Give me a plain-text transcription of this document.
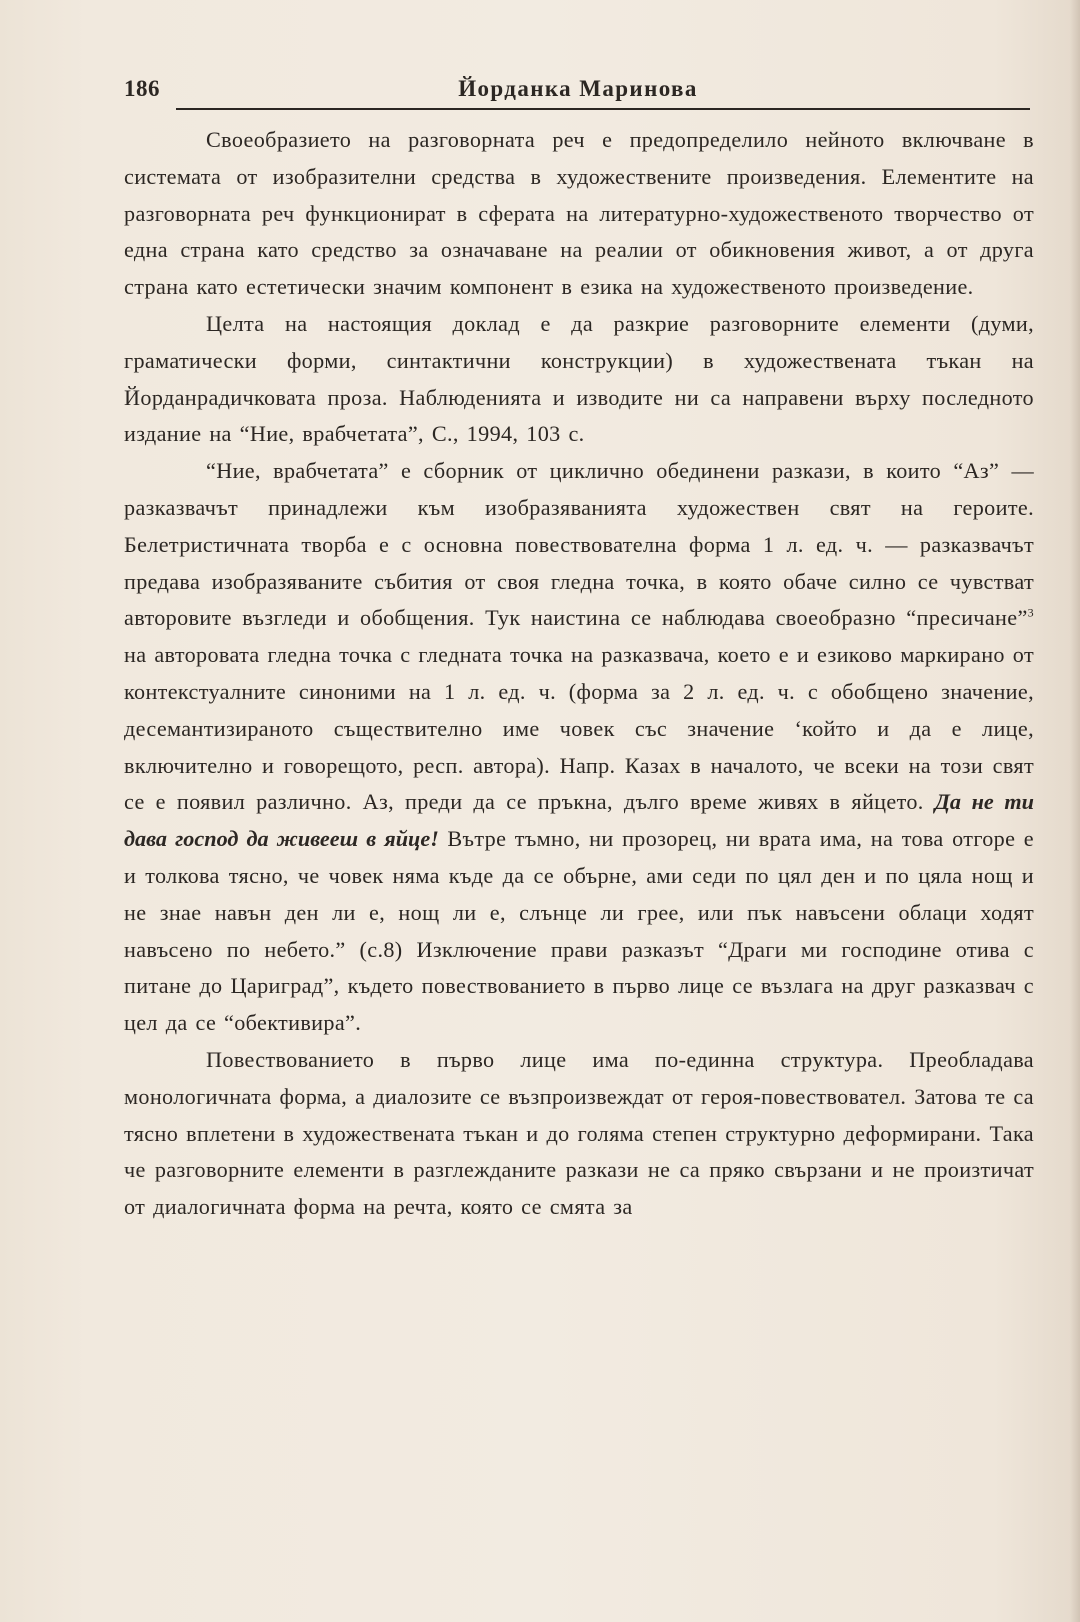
186	Йорданка Маринова

Своеобразието на разговорната реч е предопределило нейното включване в системата от изобразителни средства в художествените произведения. Елементите на разговорната реч функционират в сферата на литературно-художественото творчество от една страна като средство за означаване на реалии от обикновения живот, а от друга страна като естетически значим компонент в езика на художественото произведение.

Целта на настоящия доклад е да разкрие разговорните елементи (думи, граматически форми, синтактични конструкции) в художествената тъкан на Йорданрадичковата проза. Наблюденията и изводите ни са направени върху последното издание на “Ние, врабчетата”, С., 1994, 103 с.

“Ние, врабчетата” е сборник от циклично обединени разкази, в които “Аз” — разказвачът принадлежи към изобразяванията художествен свят на героите. Белетристичната творба е с основна повествователна форма 1 л. ед. ч. — разказвачът предава изобразяваните събития от своя гледна точка, в която обаче силно се чувстват авторовите възгледи и обобщения. Тук наистина се наблюдава своеобразно “пресичане”$^3$ на авторовата гледна точка с гледната точка на разказвача, което е и езиково маркирано от контекстуалните синоними на 1 л. ед. ч. (форма за 2 л. ед. ч. с обобщено значение, десемантизираното съществително име човек със значение ‘който и да е лице, включително и говорещото, респ. автора). Напр. Казах в началото, че всеки на този свят се е появил различно. Аз, преди да се пръкна, дълго време живях в яйцето. Да не ти дава господ да живееш в яйце! Вътре тъмно, ни прозорец, ни врата има, на това отгоре е и толкова тясно, че човек няма къде да се обърне, ами седи по цял ден и по цяла нощ и не знае навън ден ли е, нощ ли е, слънце ли грее, или пък навъсени облаци ходят навъсено по небето.” (с.8) Изключение прави разказът “Драги ми господине отива с питане до Цариград”, където повествованието в първо лице се възлага на друг разказвач с цел да се “обективира”.

Повествованието в първо лице има по-единна структура. Преобладава монологичната форма, а диалозите се възпроизвеждат от героя-повествовател. Затова те са тясно вплетени в художествената тъкан и до голяма степен структурно деформирани. Така че разговорните елементи в разглежданите разкази не са пряко свързани и не произтичат от диалогичната форма на речта, която се смята за
